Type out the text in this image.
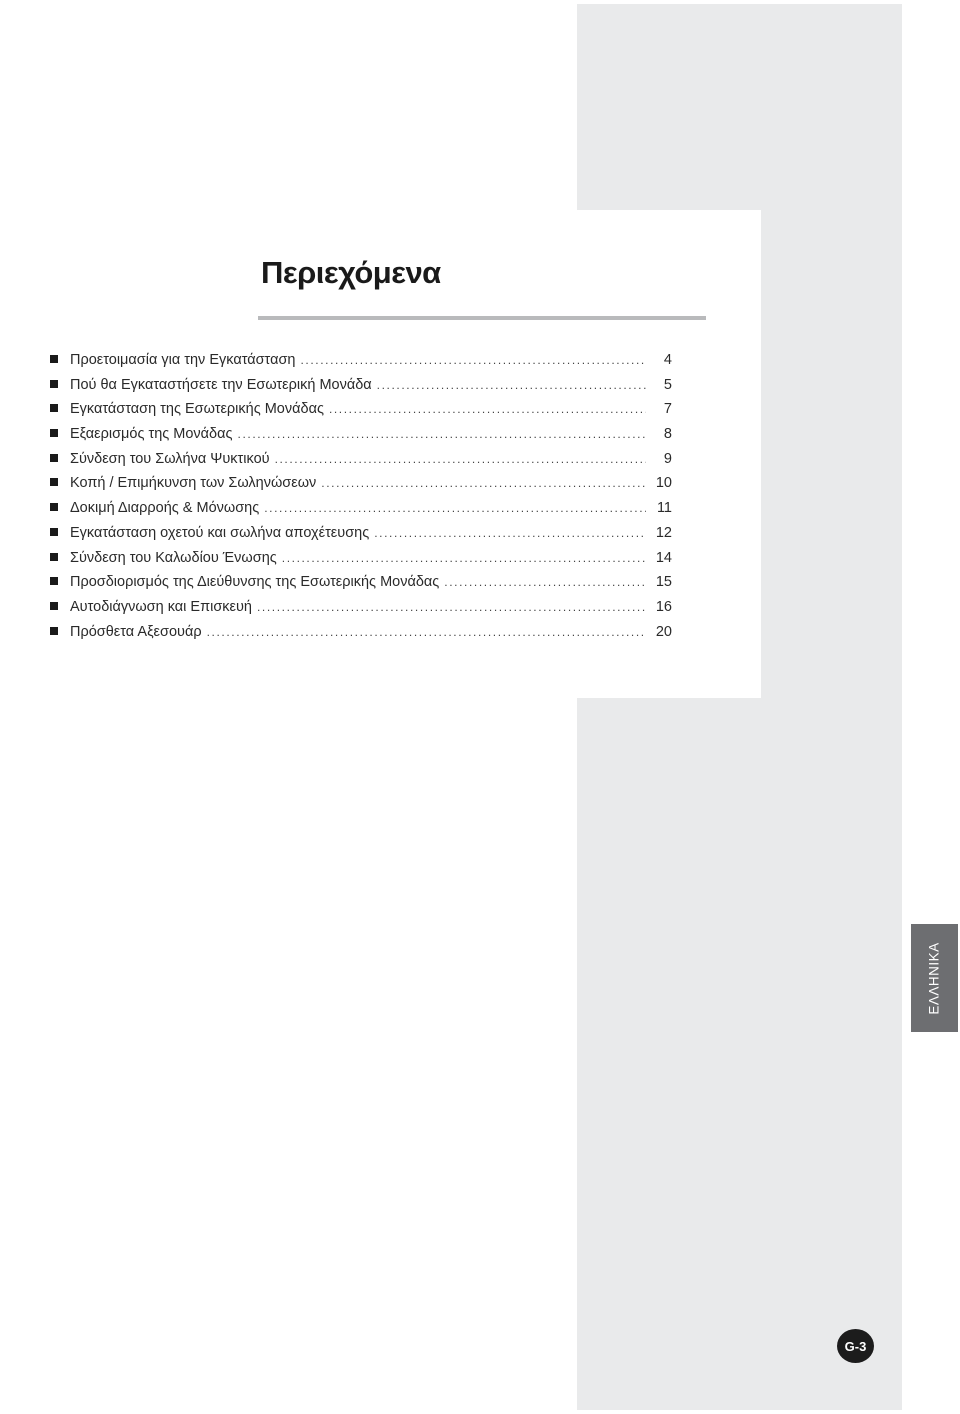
Περιεχόμενα
Προετοιμασία για την Εγκατάσταση .....	4
Πού θα Εγκαταστήσετε την Εσωτερική Μονάδα .....	5
Εγκατάσταση της Εσωτερικής Μονάδας .....	7
Εξαερισμός της Μονάδας .....	8
Σύνδεση του Σωλήνα Ψυκτικού .....	9
Κοπή / Επιμήκυνση των Σωληνώσεων .....	10
Δοκιμή Διαρροής & Μόνωσης .....	11
Εγκατάσταση οχετού και σωλήνα αποχέτευσης .....	12
Σύνδεση του Καλωδίου Ένωσης .....	14
Προσδιορισμός της Διεύθυνσης της Εσωτερικής Μονάδας .....	15
Αυτοδιάγνωση και Επισκευή .....	16
Πρόσθετα Αξεσουάρ .....	20
ΕΛΛΗΝΙΚΑ
G-3
